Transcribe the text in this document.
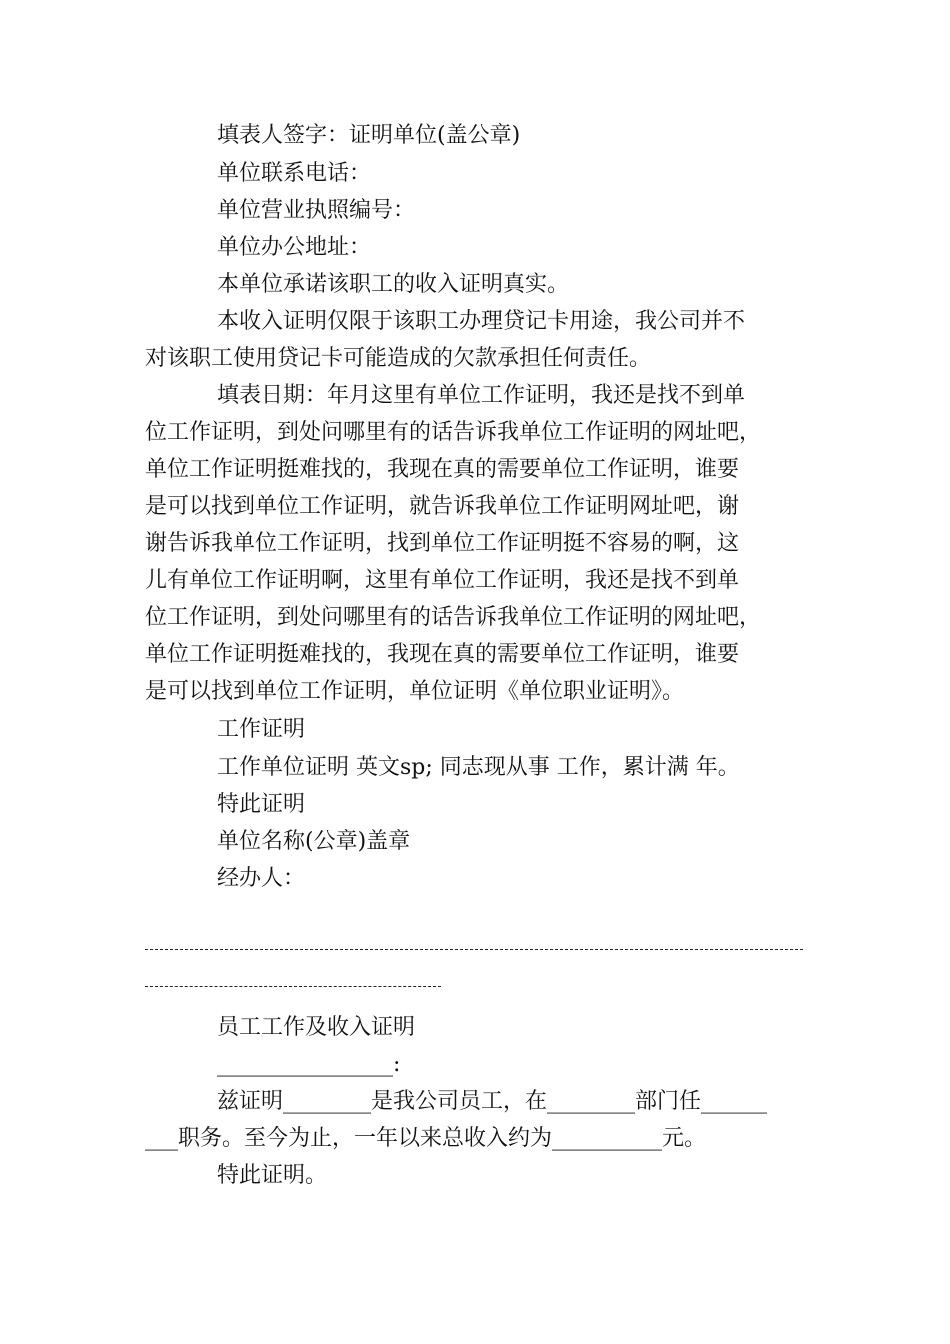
填表人签字：证明单位(盖公章)
单位联系电话：
单位营业执照编号：
单位办公地址：
本单位承诺该职工的收入证明真实。
本收入证明仅限于该职工办理贷记卡用途，我公司并不
对该职工使用贷记卡可能造成的欠款承担任何责任。
填表日期：年月这里有单位工作证明，我还是找不到单
位工作证明，到处问哪里有的话告诉我单位工作证明的网址吧，
单位工作证明挺难找的，我现在真的需要单位工作证明，谁要
是可以找到单位工作证明，就告诉我单位工作证明网址吧，谢
谢告诉我单位工作证明，找到单位工作证明挺不容易的啊，这
儿有单位工作证明啊，这里有单位工作证明，我还是找不到单
位工作证明，到处问哪里有的话告诉我单位工作证明的网址吧，
单位工作证明挺难找的，我现在真的需要单位工作证明，谁要
是可以找到单位工作证明，单位证明《单位职业证明》。
工作证明
工作单位证明 英文sp; 同志现从事 工作，累计满 年。
特此证明
单位名称(公章)盖章
经办人：
员工工作及收入证明
________________:
兹证明________是我公司员工，在________部门任______
___职务。至今为止，一年以来总收入约为__________元。
特此证明。
